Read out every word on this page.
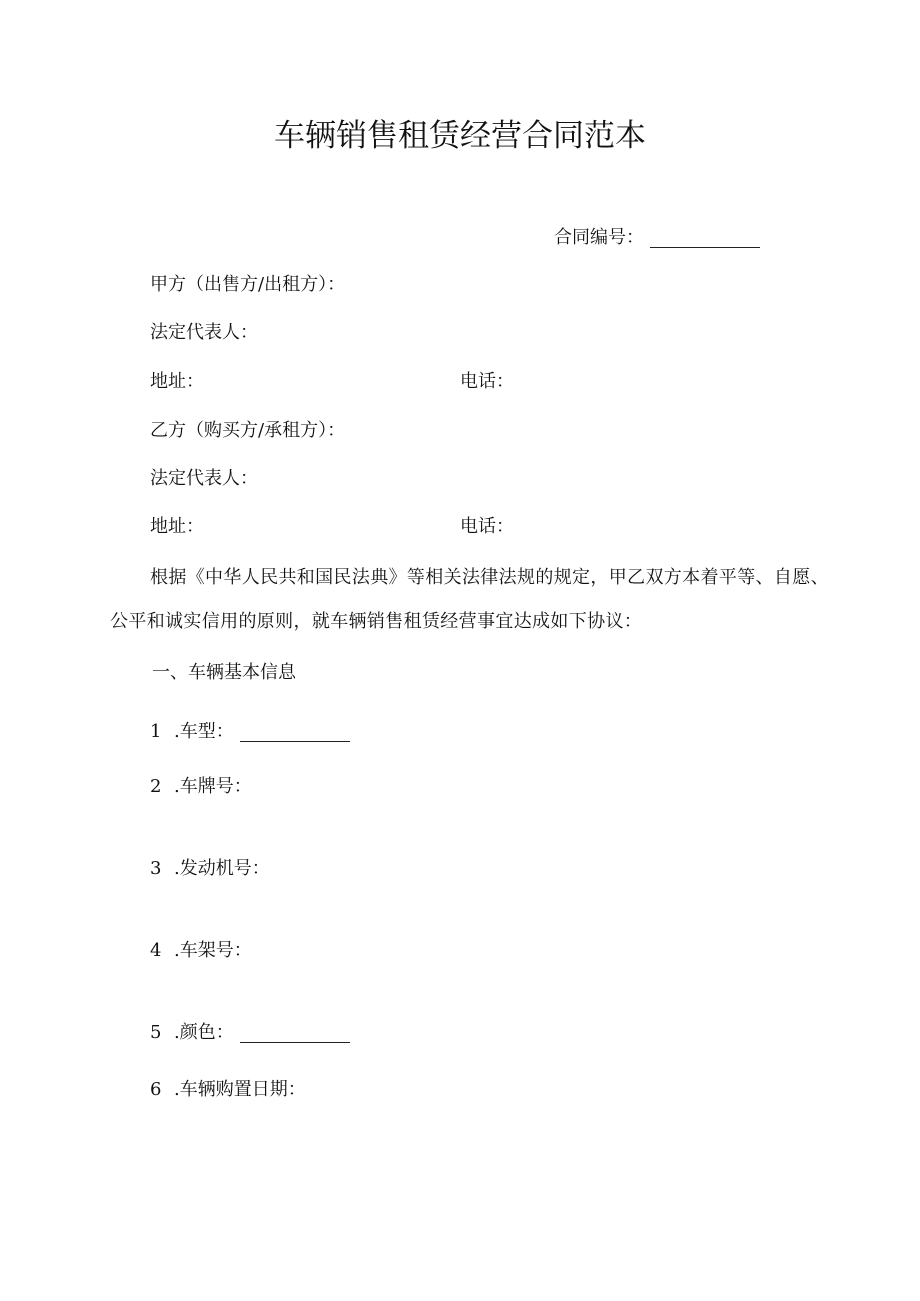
车辆销售租赁经营合同范本
合同编号：
甲方（出售方/出租方）：
法定代表人：
地址：	电话：
乙方（购买方/承租方）：
法定代表人：
地址：	电话：
根据《中华人民共和国民法典》等相关法律法规的规定，甲乙双方本着平等、自愿、公平和诚实信用的原则，就车辆销售租赁经营事宜达成如下协议：
一、车辆基本信息
1 .车型：
2 .车牌号：
3 .发动机号：
4 .车架号：
5 .颜色：
6 .车辆购置日期：
